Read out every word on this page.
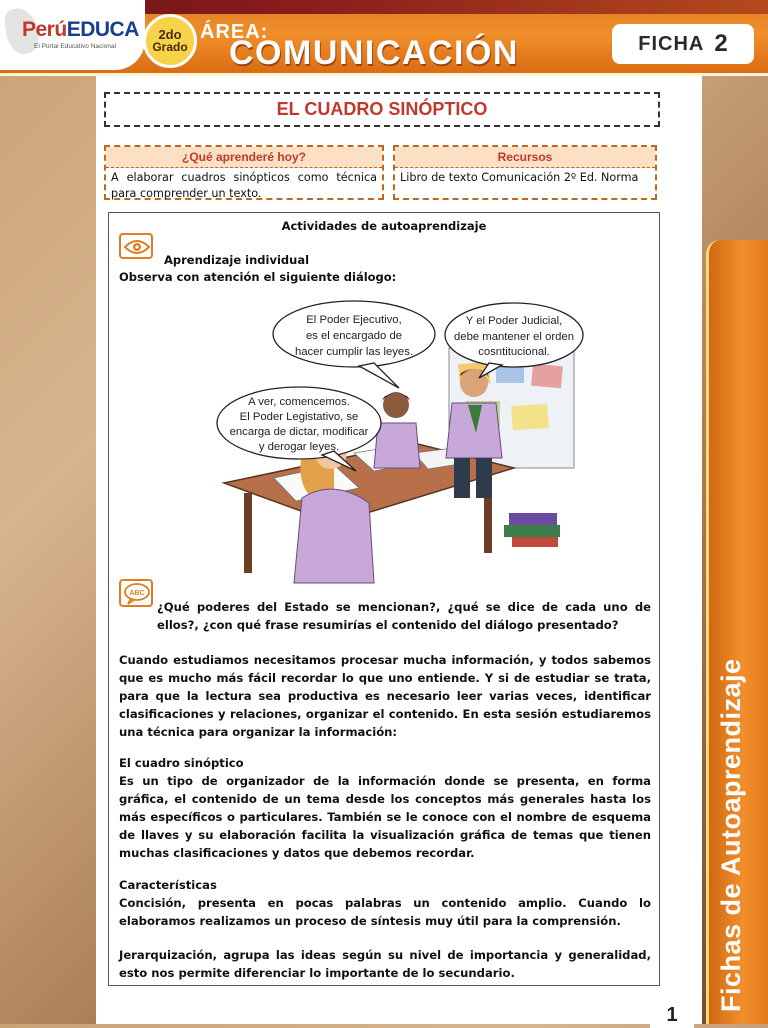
PerúEDUCA
El Portal Educativo Nacional
2do
Grado
ÁREA:
COMUNICACIÓN	FICHA 2
EL CUADRO SINÓPTICO
¿Qué aprenderé hoy?
A elaborar cuadros sinópticos como técnica para comprender un texto.
Recursos
Libro de texto Comunicación 2º Ed. Norma
Actividades de autoaprendizaje
Aprendizaje individual
Observa con atención el siguiente diálogo:
A ver, comencemos.
El Poder Legistativo, se
encarga de dictar, modificar
y derogar leyes.
El Poder Ejecutivo,
es el encargado de
hacer cumplir las leyes.
Y el Poder Judicial,
debe mantener el orden
cosntitucional.
ABC

¿Qué poderes del Estado se mencionan?, ¿qué se dice de cada uno de ellos?, ¿con qué frase resumirías el contenido del diálogo presentado?

Cuando estudiamos necesitamos procesar mucha información, y todos sabemos que es mucho más fácil recordar lo que uno entiende. Y si de estudiar se trata, para que la lectura sea productiva es necesario leer varias veces, identificar clasificaciones y relaciones, organizar el contenido. En esta sesión estudiaremos una técnica para organizar la información:

El cuadro sinóptico

Es un tipo de organizador de la información donde se presenta, en forma gráfica, el contenido de un tema desde los conceptos más generales hasta los más específicos o particulares. También se le conoce con el nombre de esquema de llaves y su elaboración facilita la visualización gráfica de temas que tienen muchas clasificaciones y datos que debemos recordar.

Características

Concisión, presenta en pocas palabras un contenido amplio. Cuando lo elaboramos realizamos un proceso de síntesis muy útil para la comprensión.

Jerarquización, agrupa las ideas según su nivel de importancia y generalidad, esto nos permite diferenciar lo importante de lo secundario.	Fichas de Autoaprendizaje
1
